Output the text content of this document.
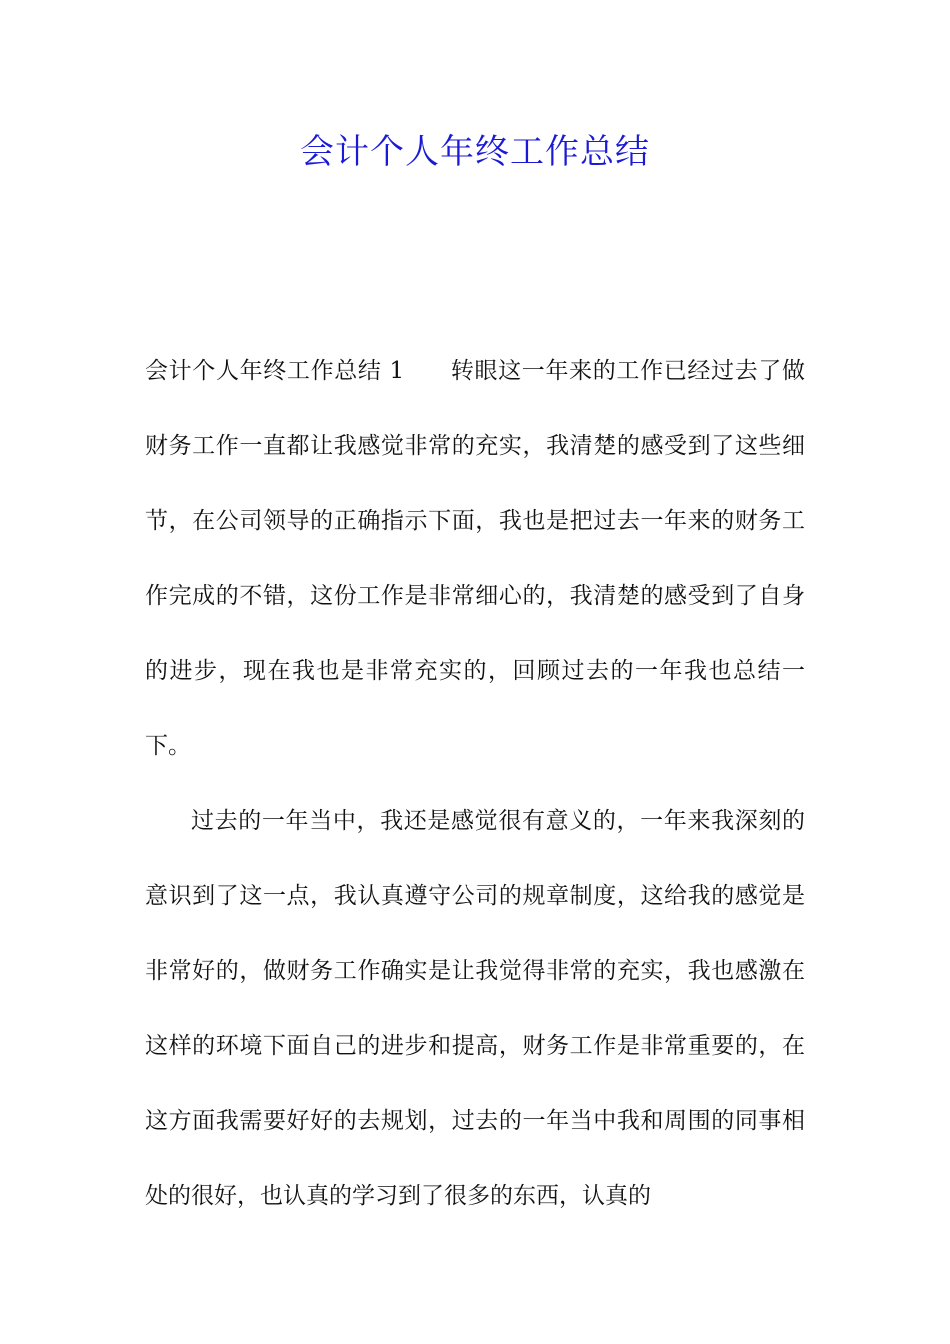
会计个人年终工作总结

会计个人年终工作总结 1 转眼这一年来的工作已经过去了做财务工作一直都让我感觉非常的充实，我清楚的感受到了这些细节，在公司领导的正确指示下面，我也是把过去一年来的财务工作完成的不错，这份工作是非常细心的，我清楚的感受到了自身的进步，现在我也是非常充实的，回顾过去的一年我也总结一下。

过去的一年当中，我还是感觉很有意义的，一年来我深刻的意识到了这一点，我认真遵守公司的规章制度，这给我的感觉是非常好的，做财务工作确实是让我觉得非常的充实，我也感激在这样的环境下面自己的进步和提高，财务工作是非常重要的，在这方面我需要好好的去规划，过去的一年当中我和周围的同事相处的很好，也认真的学习到了很多的东西，认真的
